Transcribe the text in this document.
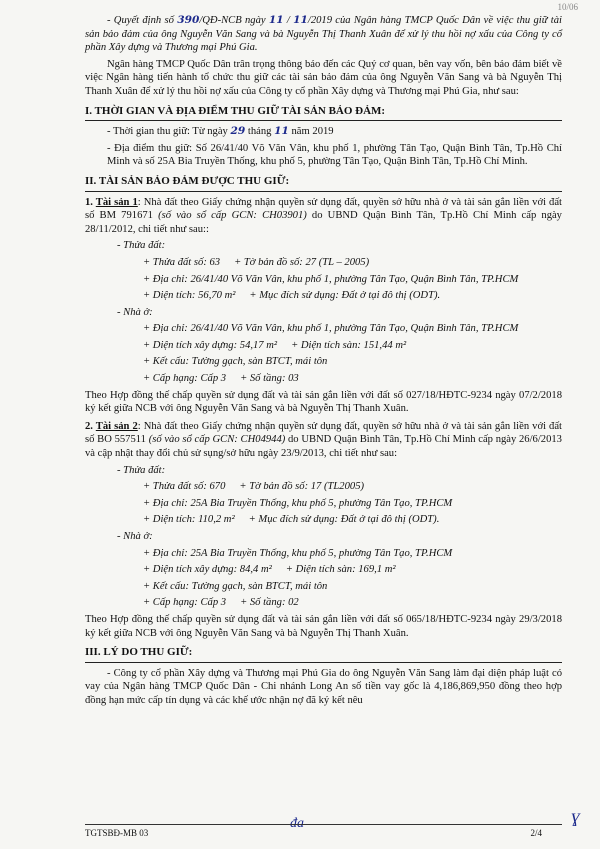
10/06

- Quyết định số 390/QĐ-NCB ngày 11 / 11/2019 của Ngân hàng TMCP Quốc Dân về việc thu giữ tài sản bảo đảm của ông Nguyễn Văn Sang và bà Nguyễn Thị Thanh Xuân để xử lý thu hồi nợ xấu của Công ty cổ phần Xây dựng và Thương mại Phú Gia.

Ngân hàng TMCP Quốc Dân trân trọng thông báo đến các Quý cơ quan, bên vay vốn, bên bảo đảm biết về việc Ngân hàng tiến hành tổ chức thu giữ các tài sản bảo đảm của ông Nguyễn Văn Sang và bà Nguyễn Thị Thanh Xuân để xử lý thu hồi nợ xấu của Công ty cổ phần Xây dựng và Thương mại Phú Gia, như sau:

I. THỜI GIAN VÀ ĐỊA ĐIỂM THU GIỮ TÀI SẢN BẢO ĐẢM:

- Thời gian thu giữ: Từ ngày 29 tháng 11 năm 2019

- Địa điểm thu giữ: Số 26/41/40 Võ Văn Vân, khu phố 1, phường Tân Tạo, Quận Bình Tân, Tp.Hồ Chí Minh và số 25A Bia Truyền Thống, khu phố 5, phường Tân Tạo, Quận Bình Tân, Tp.Hồ Chí Minh.

II. TÀI SẢN BẢO ĐẢM ĐƯỢC THU GIỮ:

1. Tài sản 1: Nhà đất theo Giấy chứng nhận quyền sử dụng đất, quyền sở hữu nhà ở và tài sản gắn liền với đất số BM 791671 (số vào sổ cấp GCN: CH03901) do UBND Quận Bình Tân, Tp.Hồ Chí Minh cấp ngày 28/11/2012, chi tiết như sau::

- Thửa đất:

+ Thửa đất số: 63 + Tờ bản đồ số: 27 (TL – 2005)

+ Địa chỉ: 26/41/40 Võ Văn Vân, khu phố 1, phường Tân Tạo, Quận Bình Tân, TP.HCM

+ Diện tích: 56,70 m² + Mục đích sử dụng: Đất ở tại đô thị (ODT).

- Nhà ở:

+ Địa chỉ: 26/41/40 Võ Văn Vân, khu phố 1, phường Tân Tạo, Quận Bình Tân, TP.HCM

+ Diện tích xây dựng: 54,17 m² + Diện tích sàn: 151,44 m²

+ Kết cấu: Tường gạch, sàn BTCT, mái tôn

+ Cấp hạng: Cấp 3 + Số tầng: 03

Theo Hợp đồng thế chấp quyền sử dụng đất và tài sản gắn liền với đất số 027/18/HĐTC-9234 ngày 07/2/2018 ký kết giữa NCB với ông Nguyễn Văn Sang và bà Nguyễn Thị Thanh Xuân.

2. Tài sản 2: Nhà đất theo Giấy chứng nhận quyền sử dụng đất, quyền sở hữu nhà ở và tài sản gắn liền với đất số BO 557511 (số vào sổ cấp GCN: CH04944) do UBND Quận Bình Tân, Tp.Hồ Chí Minh cấp ngày 26/6/2013 và cập nhật thay đổi chủ sử sụng/sở hữu ngày 23/9/2013, chi tiết như sau:

- Thửa đất:

+ Thửa đất số: 670 + Tờ bản đồ số: 17 (TL2005)

+ Địa chỉ: 25A Bia Truyền Thống, khu phố 5, phường Tân Tạo, TP.HCM

+ Diện tích: 110,2 m² + Mục đích sử dụng: Đất ở tại đô thị (ODT).

- Nhà ở:

+ Địa chỉ: 25A Bia Truyền Thống, khu phố 5, phường Tân Tạo, TP.HCM

+ Diện tích xây dựng: 84,4 m² + Diện tích sàn: 169,1 m²

+ Kết cấu: Tường gạch, sàn BTCT, mái tôn

+ Cấp hạng: Cấp 3 + Số tầng: 02

Theo Hợp đồng thế chấp quyền sử dụng đất và tài sản gắn liền với đất số 065/18/HĐTC-9234 ngày 29/3/2018 ký kết giữa NCB với ông Nguyễn Văn Sang và bà Nguyễn Thị Thanh Xuân.

III. LÝ DO THU GIỮ:

- Công ty cổ phần Xây dựng và Thương mại Phú Gia do ông Nguyễn Văn Sang làm đại diện pháp luật có vay của Ngân hàng TMCP Quốc Dân - Chi nhánh Long An số tiền vay gốc là 4,186,869,950 đồng theo hợp đồng hạn mức cấp tín dụng và các khế ước nhận nợ đã ký kết nêu

đa	ɣ
TGTSBĐ-MB 03	2/4
